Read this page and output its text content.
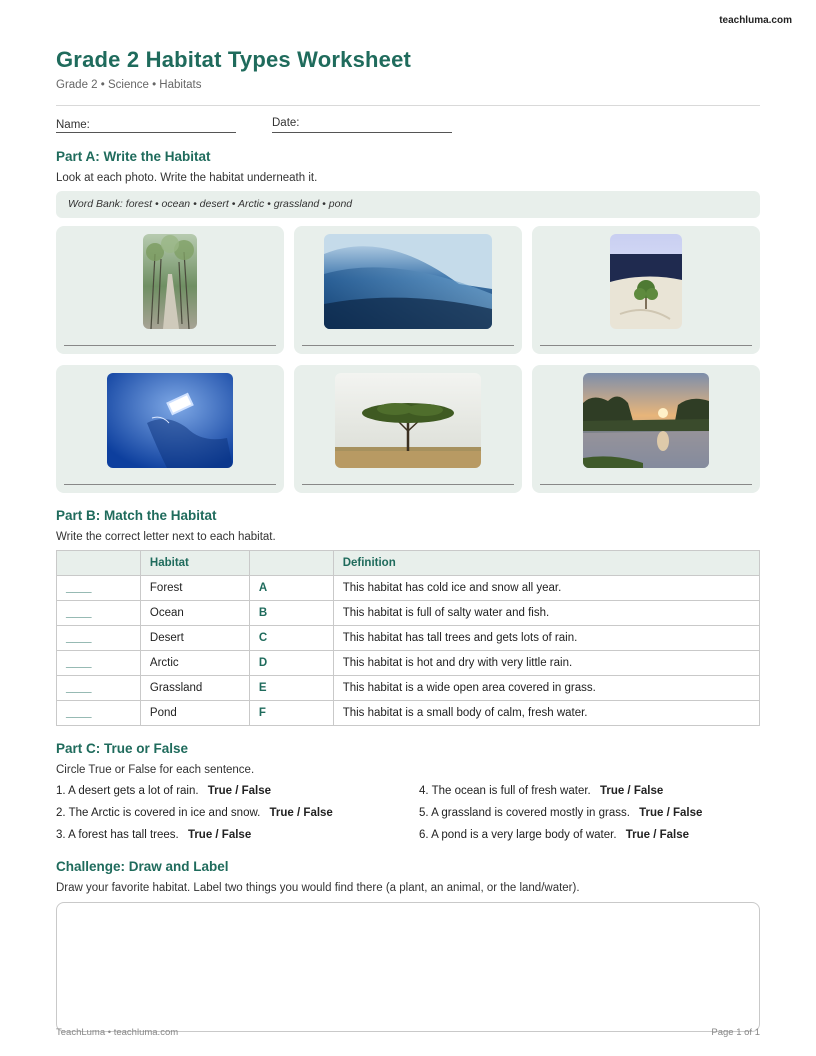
teachluma.com
Grade 2 Habitat Types Worksheet
Grade 2 • Science • Habitats
Name:	Date:
Part A: Write the Habitat
Look at each photo. Write the habitat underneath it.
Word Bank: forest • ocean • desert • Arctic • grassland • pond
Part B: Match the Habitat
Write the correct letter next to each habitat.
	Habitat		Definition
____	Forest	A	This habitat has cold ice and snow all year.
____	Ocean	B	This habitat is full of salty water and fish.
____	Desert	C	This habitat has tall trees and gets lots of rain.
____	Arctic	D	This habitat is hot and dry with very little rain.
____	Grassland	E	This habitat is a wide open area covered in grass.
____	Pond	F	This habitat is a small body of calm, fresh water.
Part C: True or False
Circle True or False for each sentence.
1. A desert gets a lot of rain. True / False	4. The ocean is full of fresh water. True / False
2. The Arctic is covered in ice and snow. True / False	5. A grassland is covered mostly in grass. True / False
3. A forest has tall trees. True / False	6. A pond is a very large body of water. True / False
Challenge: Draw and Label
Draw your favorite habitat. Label two things you would find there (a plant, an animal, or the land/water).
TeachLuma • teachluma.com	Page 1 of 1
